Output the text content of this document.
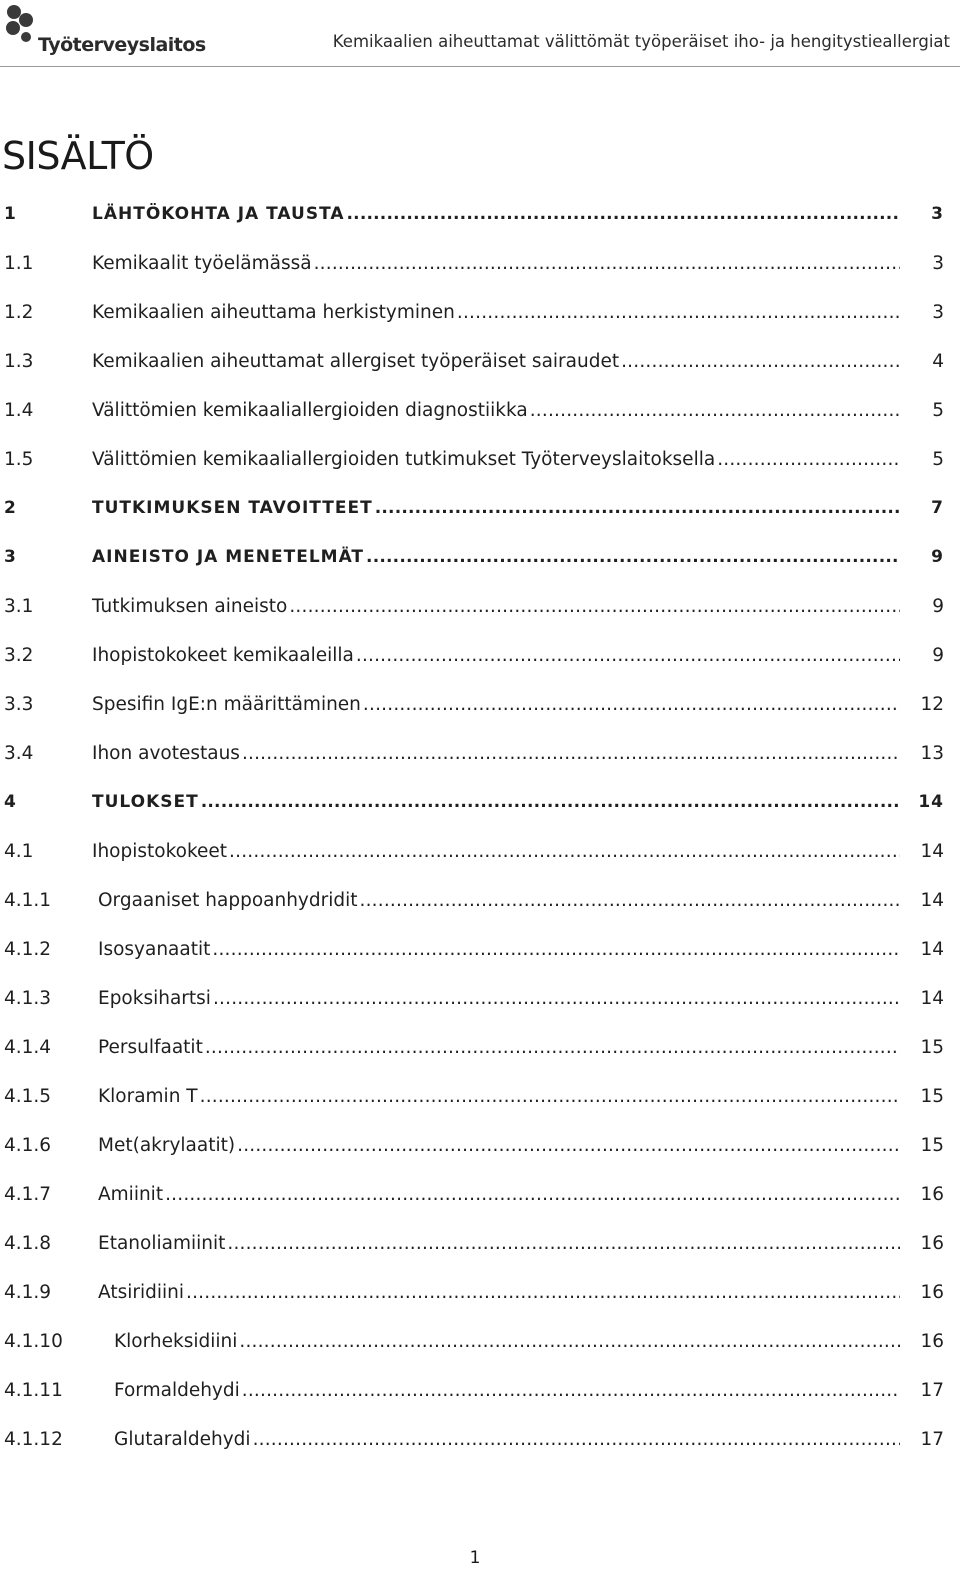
Työterveyslaitos	Kemikaalien aiheuttamat välittömät työperäiset iho- ja hengitystieallergiat
SISÄLTÖ
1	LÄHTÖKOHTA JA TAUSTA .....	3
1.1	Kemikaalit työelämässä .....	3
1.2	Kemikaalien aiheuttama herkistyminen .....	3
1.3	Kemikaalien aiheuttamat allergiset työperäiset sairaudet .....	4
1.4	Välittömien kemikaaliallergioiden diagnostiikka .....	5
1.5	Välittömien kemikaaliallergioiden tutkimukset Työterveyslaitoksella .....	5
2	TUTKIMUKSEN TAVOITTEET .....	7
3	AINEISTO JA MENETELMÄT .....	9
3.1	Tutkimuksen aineisto .....	9
3.2	Ihopistokokeet kemikaaleilla .....	9
3.3	Spesifin IgE:n määrittäminen .....	12
3.4	Ihon avotestaus .....	13
4	TULOKSET .....	14
4.1	Ihopistokokeet .....	14
4.1.1	Orgaaniset happoanhydridit .....	14
4.1.2	Isosyanaatit .....	14
4.1.3	Epoksihartsi .....	14
4.1.4	Persulfaatit .....	15
4.1.5	Kloramin T .....	15
4.1.6	Met(akrylaatit) .....	15
4.1.7	Amiinit .....	16
4.1.8	Etanoliamiinit .....	16
4.1.9	Atsiridiini .....	16
4.1.10	Klorheksidiini .....	16
4.1.11	Formaldehydi .....	17
4.1.12	Glutaraldehydi .....	17
1
